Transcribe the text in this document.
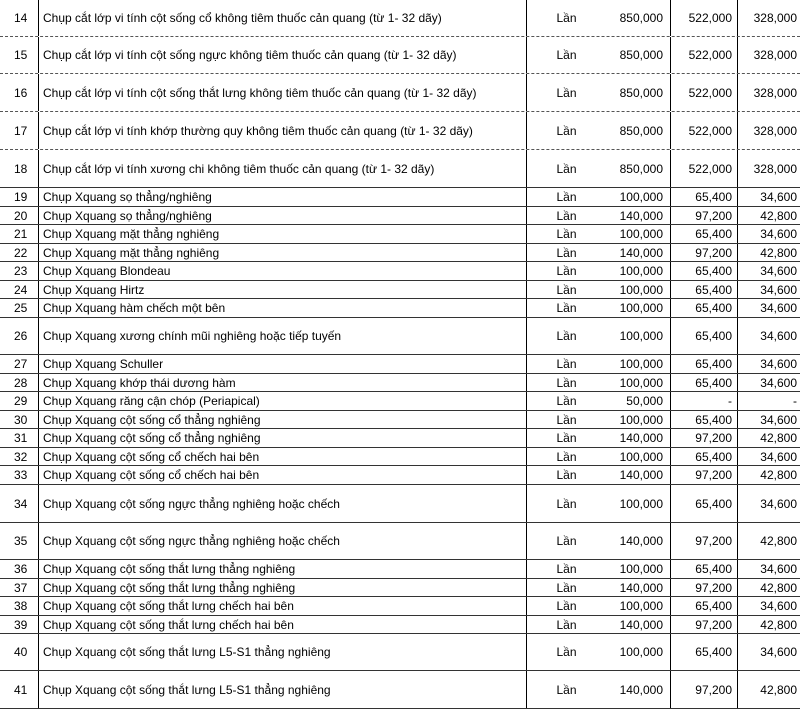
14	Chụp cắt lớp vi tính cột sống cổ không tiêm thuốc cản quang (từ 1- 32 dãy)	Lần	850,000	522,000	328,000
15	Chụp cắt lớp vi tính cột sống ngực không tiêm thuốc cản quang (từ 1- 32 dãy)	Lần	850,000	522,000	328,000
16	Chụp cắt lớp vi tính cột sống thắt lưng không tiêm thuốc cản quang (từ 1- 32 dãy)	Lần	850,000	522,000	328,000
17	Chụp cắt lớp vi tính khớp thường quy không tiêm thuốc cản quang (từ 1- 32 dãy)	Lần	850,000	522,000	328,000
18	Chụp cắt lớp vi tính xương chi không tiêm thuốc cản quang (từ 1- 32 dãy)	Lần	850,000	522,000	328,000
19	Chụp Xquang sọ thẳng/nghiêng	Lần	100,000	65,400	34,600
20	Chụp Xquang sọ thẳng/nghiêng	Lần	140,000	97,200	42,800
21	Chụp Xquang mặt thẳng nghiêng	Lần	100,000	65,400	34,600
22	Chụp Xquang mặt thẳng nghiêng	Lần	140,000	97,200	42,800
23	Chụp Xquang Blondeau	Lần	100,000	65,400	34,600
24	Chụp Xquang Hirtz	Lần	100,000	65,400	34,600
25	Chụp Xquang hàm chếch một bên	Lần	100,000	65,400	34,600
26	Chụp Xquang xương chính mũi nghiêng hoặc tiếp tuyến	Lần	100,000	65,400	34,600
27	Chụp Xquang Schuller	Lần	100,000	65,400	34,600
28	Chụp Xquang khớp thái dương hàm	Lần	100,000	65,400	34,600
29	Chụp Xquang răng cận chóp (Periapical)	Lần	50,000	-	-
30	Chụp Xquang cột sống cổ thẳng nghiêng	Lần	100,000	65,400	34,600
31	Chụp Xquang cột sống cổ thẳng nghiêng	Lần	140,000	97,200	42,800
32	Chụp Xquang cột sống cổ chếch hai bên	Lần	100,000	65,400	34,600
33	Chụp Xquang cột sống cổ chếch hai bên	Lần	140,000	97,200	42,800
34	Chụp Xquang cột sống ngực thẳng nghiêng hoặc chếch	Lần	100,000	65,400	34,600
35	Chụp Xquang cột sống ngực thẳng nghiêng hoặc chếch	Lần	140,000	97,200	42,800
36	Chụp Xquang cột sống thắt lưng thẳng nghiêng	Lần	100,000	65,400	34,600
37	Chụp Xquang cột sống thắt lưng thẳng nghiêng	Lần	140,000	97,200	42,800
38	Chụp Xquang cột sống thắt lưng chếch hai bên	Lần	100,000	65,400	34,600
39	Chụp Xquang cột sống thắt lưng chếch hai bên	Lần	140,000	97,200	42,800
40	Chụp Xquang cột sống thắt lưng L5-S1 thẳng nghiêng	Lần	100,000	65,400	34,600
41	Chụp Xquang cột sống thắt lưng L5-S1 thẳng nghiêng	Lần	140,000	97,200	42,800
